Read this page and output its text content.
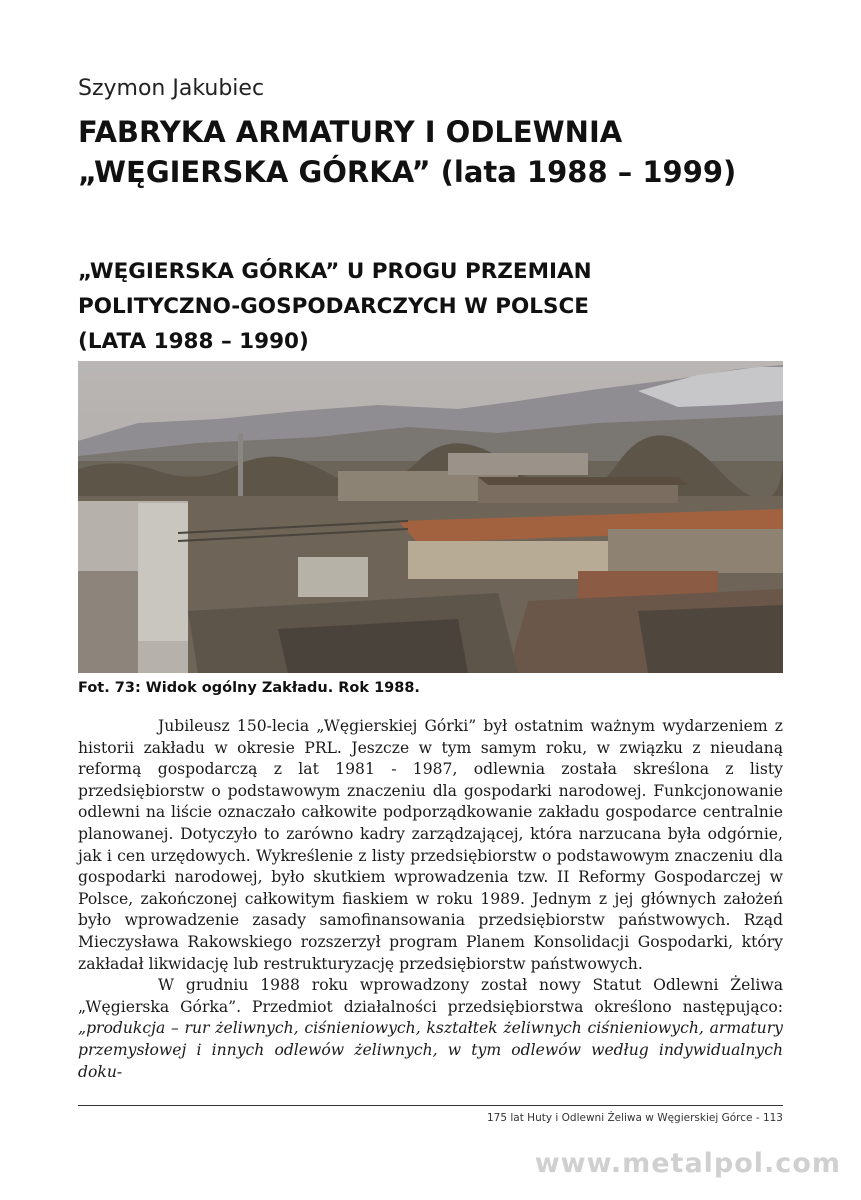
Szymon Jakubiec
FABRYKA ARMATURY I ODLEWNIA
„WĘGIERSKA GÓRKA” (lata 1988 – 1999)
„WĘGIERSKA GÓRKA” U PROGU PRZEMIAN
POLITYCZNO-GOSPODARCZYCH W POLSCE
(LATA 1988 – 1990)
Fot. 73: Widok ogólny Zakładu. Rok 1988.

Jubileusz 150-lecia „Węgierskiej Górki” był ostatnim ważnym wydarzeniem z historii zakładu w okresie PRL. Jeszcze w tym samym roku, w związku z nieudaną reformą gospodarczą z lat 1981 - 1987, odlewnia została skreślona z listy przedsiębiorstw o podstawowym znaczeniu dla gospodarki narodowej. Funkcjonowanie odlewni na liście oznaczało całkowite podporządkowanie zakładu gospodarce centralnie planowanej. Dotyczyło to zarówno kadry zarządzającej, która narzucana była odgórnie, jak i cen urzędowych. Wykreślenie z listy przedsiębiorstw o podstawowym znaczeniu dla gospodarki narodowej, było skutkiem wprowadzenia tzw. II Reformy Gospodarczej w Polsce, zakończonej całkowitym fiaskiem w roku 1989. Jednym z jej głównych założeń było wprowadzenie zasady samofinansowania przedsiębiorstw państwowych. Rząd Mieczysława Rakowskiego rozszerzył program Planem Konsolidacji Gospodarki, który zakładał likwidację lub restrukturyzację przedsiębiorstw państwowych.

W grudniu 1988 roku wprowadzony został nowy Statut Odlewni Żeliwa „Węgierska Górka”. Przedmiot działalności przedsiębiorstwa określono następująco: „produkcja – rur żeliwnych, ciśnieniowych, kształtek żeliwnych ciśnieniowych, armatury przemysłowej i innych odlewów żeliwnych, w tym odlewów według indywidualnych doku-

175 lat Huty i Odlewni Żeliwa w Węgierskiej Górce - 113
www.metalpol.com
